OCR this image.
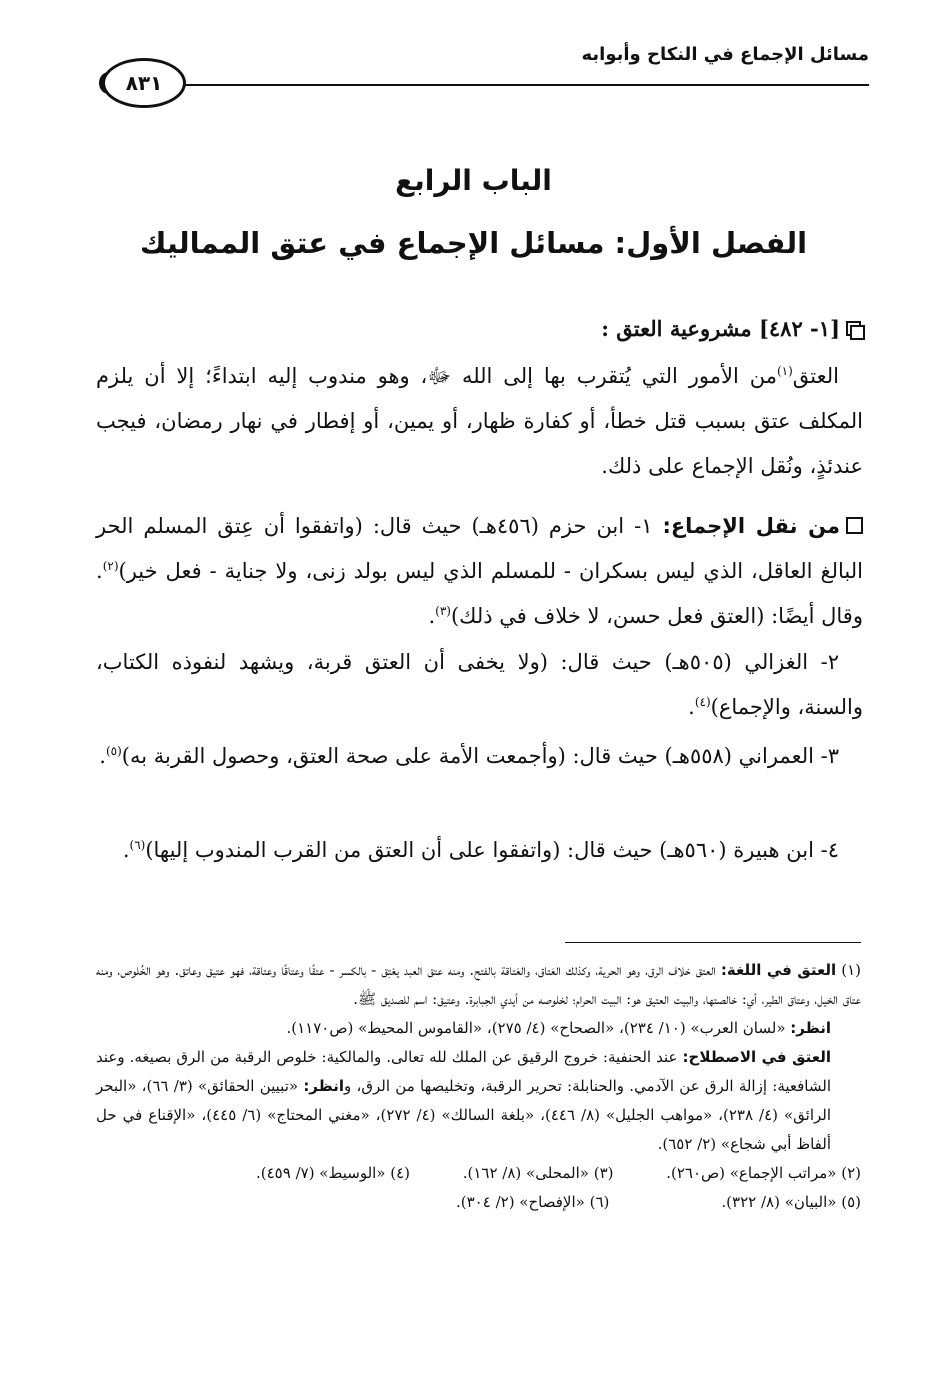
مسائل الإجماع في النكاح وأبوابه
٨٣١
الباب الرابع
الفصل الأول: مسائل الإجماع في عتق المماليك
[١- ٤٨٢] مشروعية العتق :
العتق$^{(١)}$من الأمور التي يُتقرب بها إلى الله ﷻ، وهو مندوب إليه ابتداءً؛ إلا أن يلزم المكلف عتق بسبب قتل خطأ، أو كفارة ظهار، أو يمين، أو إفطار في نهار رمضان، فيجب عندئذٍ، ونُقل الإجماع على ذلك.
من نقل الإجماع: ١- ابن حزم (٤٥٦هـ) حيث قال: (واتفقوا أن عِتق المسلم الحر البالغ العاقل، الذي ليس بسكران - للمسلم الذي ليس بولد زنى، ولا جناية - فعل خير)$^{(٢)}$. وقال أيضًا: (العتق فعل حسن، لا خلاف في ذلك)$^{(٣)}$.
٢- الغزالي (٥٠٥هـ) حيث قال: (ولا يخفى أن العتق قربة، ويشهد لنفوذه الكتاب، والسنة، والإجماع)$^{(٤)}$.
٣- العمراني (٥٥٨هـ) حيث قال: (وأجمعت الأمة على صحة العتق، وحصول القربة به)$^{(٥)}$.
٤- ابن هبيرة (٥٦٠هـ) حيث قال: (واتفقوا على أن العتق من القرب المندوب إليها)$^{(٦)}$.

(١) العتق في اللغة: العتق خلاف الرق، وهو الحرية، وكذلك العَتاق، والعَتاقة بالفتح. ومنه عتق العبد يعْتِق - بالكسر - عتقًا وعتاقًا وعتاقة، فهو عتيق وعاتق. وهو الخُلوص، ومنه عتاق الخيل، وعتاق الطير، أي: خالصتها، والبيت العتيق هو: البيت الحرام؛ لخلوصه من أيدي الجبابرة. وعتيق: اسم للصديق ﷺ.

انظر: «لسان العرب» (١٠/ ٢٣٤)، «الصحاح» (٤/ ٢٧٥)، «القاموس المحيط» (ص١١٧٠).

العتق في الاصطلاح: عند الحنفية: خروج الرقيق عن الملك لله تعالى. والمالكية: خلوص الرقبة من الرق بصيغه. وعند الشافعية: إزالة الرق عن الآدمي. والحنابلة: تحرير الرقبة، وتخليصها من الرق، وانظر: «تبيين الحقائق» (٣/ ٦٦)، «البحر الرائق» (٤/ ٢٣٨)، «مواهب الجليل» (٨/ ٤٤٦)، «بلغة السالك» (٤/ ٢٧٢)، «مغني المحتاج» (٦/ ٤٤٥)، «الإقناع في حل ألفاظ أبي شجاع» (٢/ ٦٥٢).

(٢) «مراتب الإجماع» (ص٢٦٠).
(٣) «المحلى» (٨/ ١٦٢).
(٤) «الوسيط» (٧/ ٤٥٩).
(٥) «البيان» (٨/ ٣٢٢).
(٦) «الإفصاح» (٢/ ٣٠٤).
